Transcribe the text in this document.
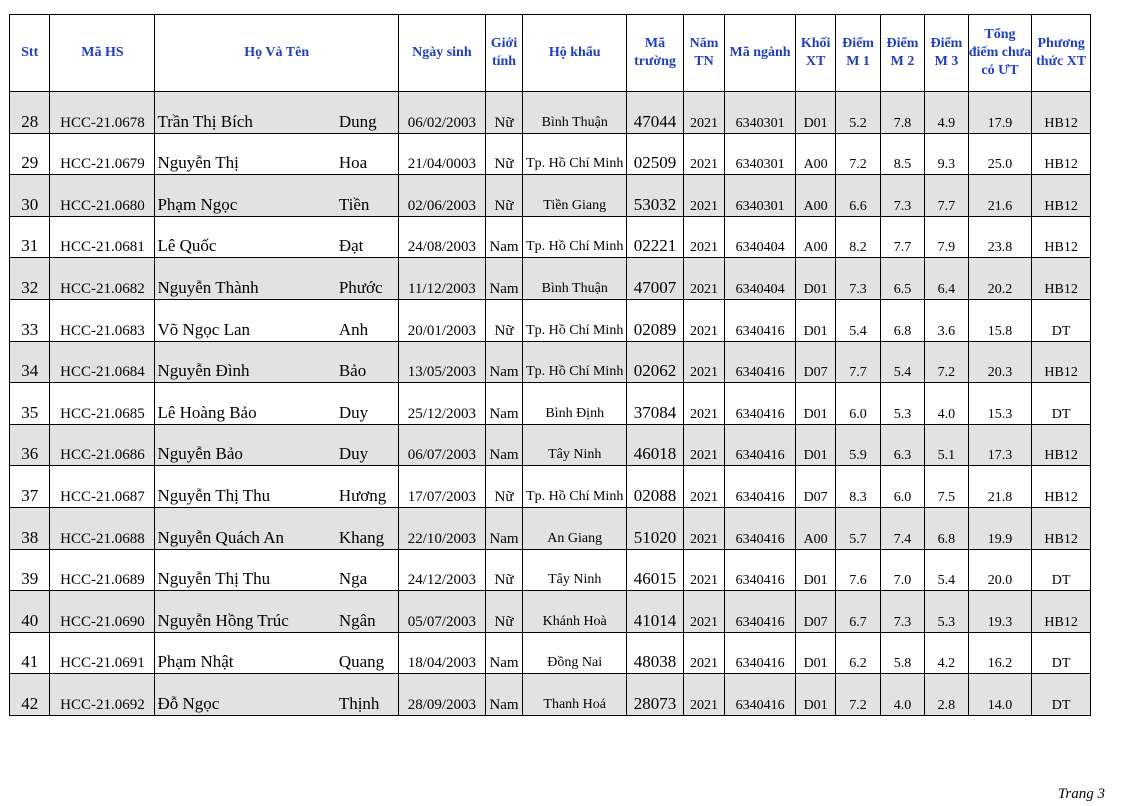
Stt	Mã HS	Họ Và Tên		Ngày sinh	Giới tính	Hộ khẩu	Mã trường	Năm TN	Mã ngành	Khối XT	Điểm M 1	Điểm M 2	Điểm M 3	Tổng điểm chưa có ƯT	Phương thức XT
28	HCC-21.0678	Trần Thị Bích	Dung	06/02/2003	Nữ	Bình Thuận	47044	2021	6340301	D01	5.2	7.8	4.9	17.9	HB12
29	HCC-21.0679	Nguyễn Thị	Hoa	21/04/0003	Nữ	Tp. Hồ Chí Minh	02509	2021	6340301	A00	7.2	8.5	9.3	25.0	HB12
30	HCC-21.0680	Phạm Ngọc	Tiền	02/06/2003	Nữ	Tiền Giang	53032	2021	6340301	A00	6.6	7.3	7.7	21.6	HB12
31	HCC-21.0681	Lê Quốc	Đạt	24/08/2003	Nam	Tp. Hồ Chí Minh	02221	2021	6340404	A00	8.2	7.7	7.9	23.8	HB12
32	HCC-21.0682	Nguyễn Thành	Phước	11/12/2003	Nam	Bình Thuận	47007	2021	6340404	D01	7.3	6.5	6.4	20.2	HB12
33	HCC-21.0683	Võ Ngọc Lan	Anh	20/01/2003	Nữ	Tp. Hồ Chí Minh	02089	2021	6340416	D01	5.4	6.8	3.6	15.8	DT
34	HCC-21.0684	Nguyễn Đình	Bảo	13/05/2003	Nam	Tp. Hồ Chí Minh	02062	2021	6340416	D07	7.7	5.4	7.2	20.3	HB12
35	HCC-21.0685	Lê Hoàng Bảo	Duy	25/12/2003	Nam	Bình Định	37084	2021	6340416	D01	6.0	5.3	4.0	15.3	DT
36	HCC-21.0686	Nguyễn Bảo	Duy	06/07/2003	Nam	Tây Ninh	46018	2021	6340416	D01	5.9	6.3	5.1	17.3	HB12
37	HCC-21.0687	Nguyễn Thị Thu	Hương	17/07/2003	Nữ	Tp. Hồ Chí Minh	02088	2021	6340416	D07	8.3	6.0	7.5	21.8	HB12
38	HCC-21.0688	Nguyễn Quách An	Khang	22/10/2003	Nam	An Giang	51020	2021	6340416	A00	5.7	7.4	6.8	19.9	HB12
39	HCC-21.0689	Nguyễn Thị Thu	Nga	24/12/2003	Nữ	Tây Ninh	46015	2021	6340416	D01	7.6	7.0	5.4	20.0	DT
40	HCC-21.0690	Nguyễn Hồng Trúc	Ngân	05/07/2003	Nữ	Khánh Hoà	41014	2021	6340416	D07	6.7	7.3	5.3	19.3	HB12
41	HCC-21.0691	Phạm Nhật	Quang	18/04/2003	Nam	Đồng Nai	48038	2021	6340416	D01	6.2	5.8	4.2	16.2	DT
42	HCC-21.0692	Đỗ Ngọc	Thịnh	28/09/2003	Nam	Thanh Hoá	28073	2021	6340416	D01	7.2	4.0	2.8	14.0	DT
Trang 3
